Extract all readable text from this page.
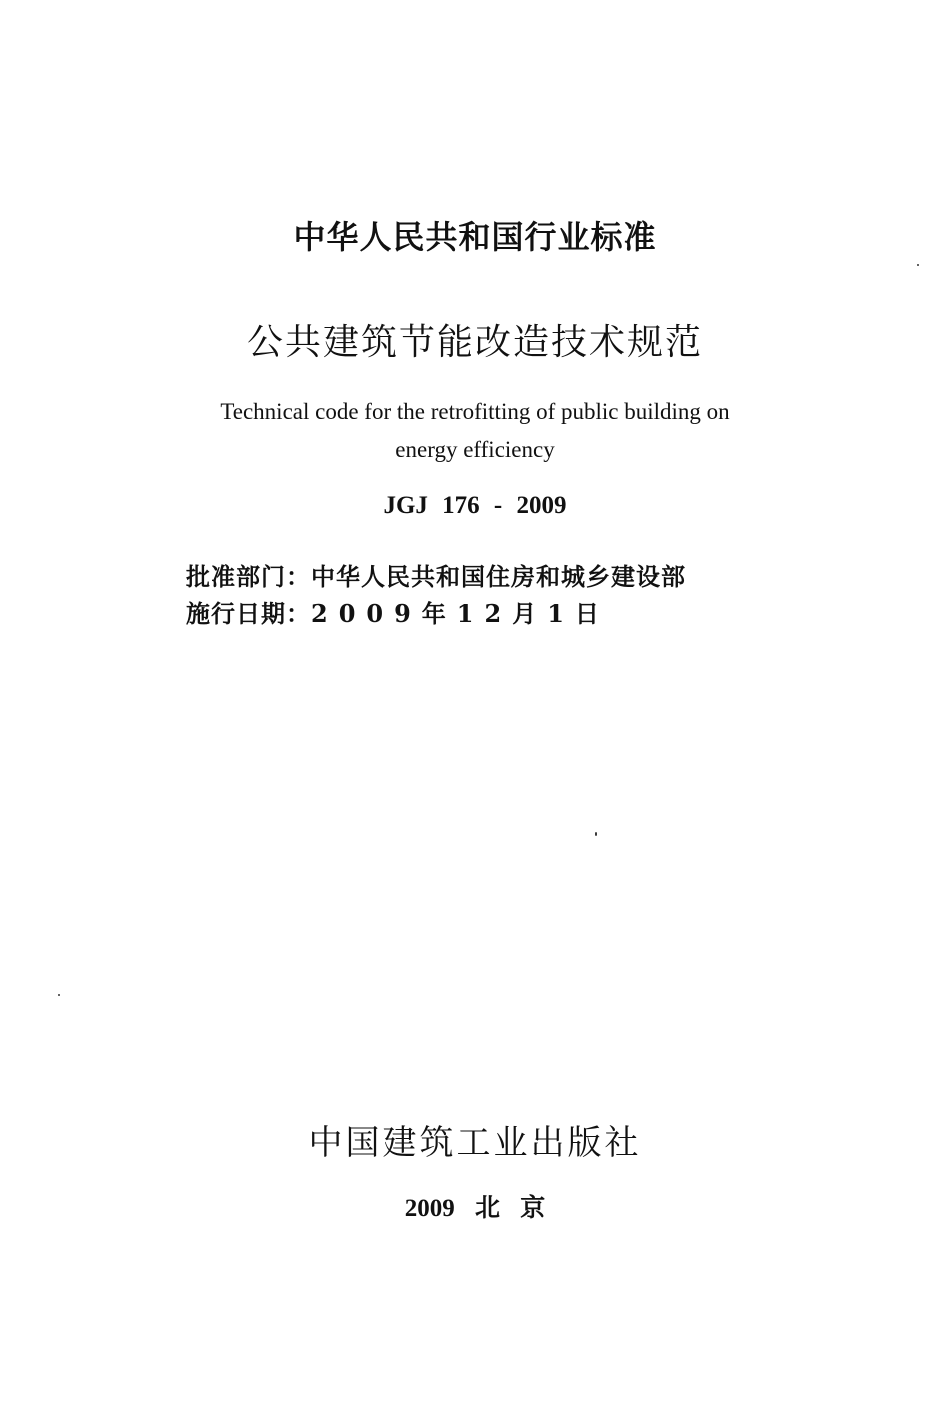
中华人民共和国行业标准
公共建筑节能改造技术规范
Technical code for the retrofitting of public building on
energy efficiency
JGJ 176 - 2009
批准部门：中华人民共和国住房和城乡建设部
施行日期：2009年12月1日
中国建筑工业出版社
2009 北 京
